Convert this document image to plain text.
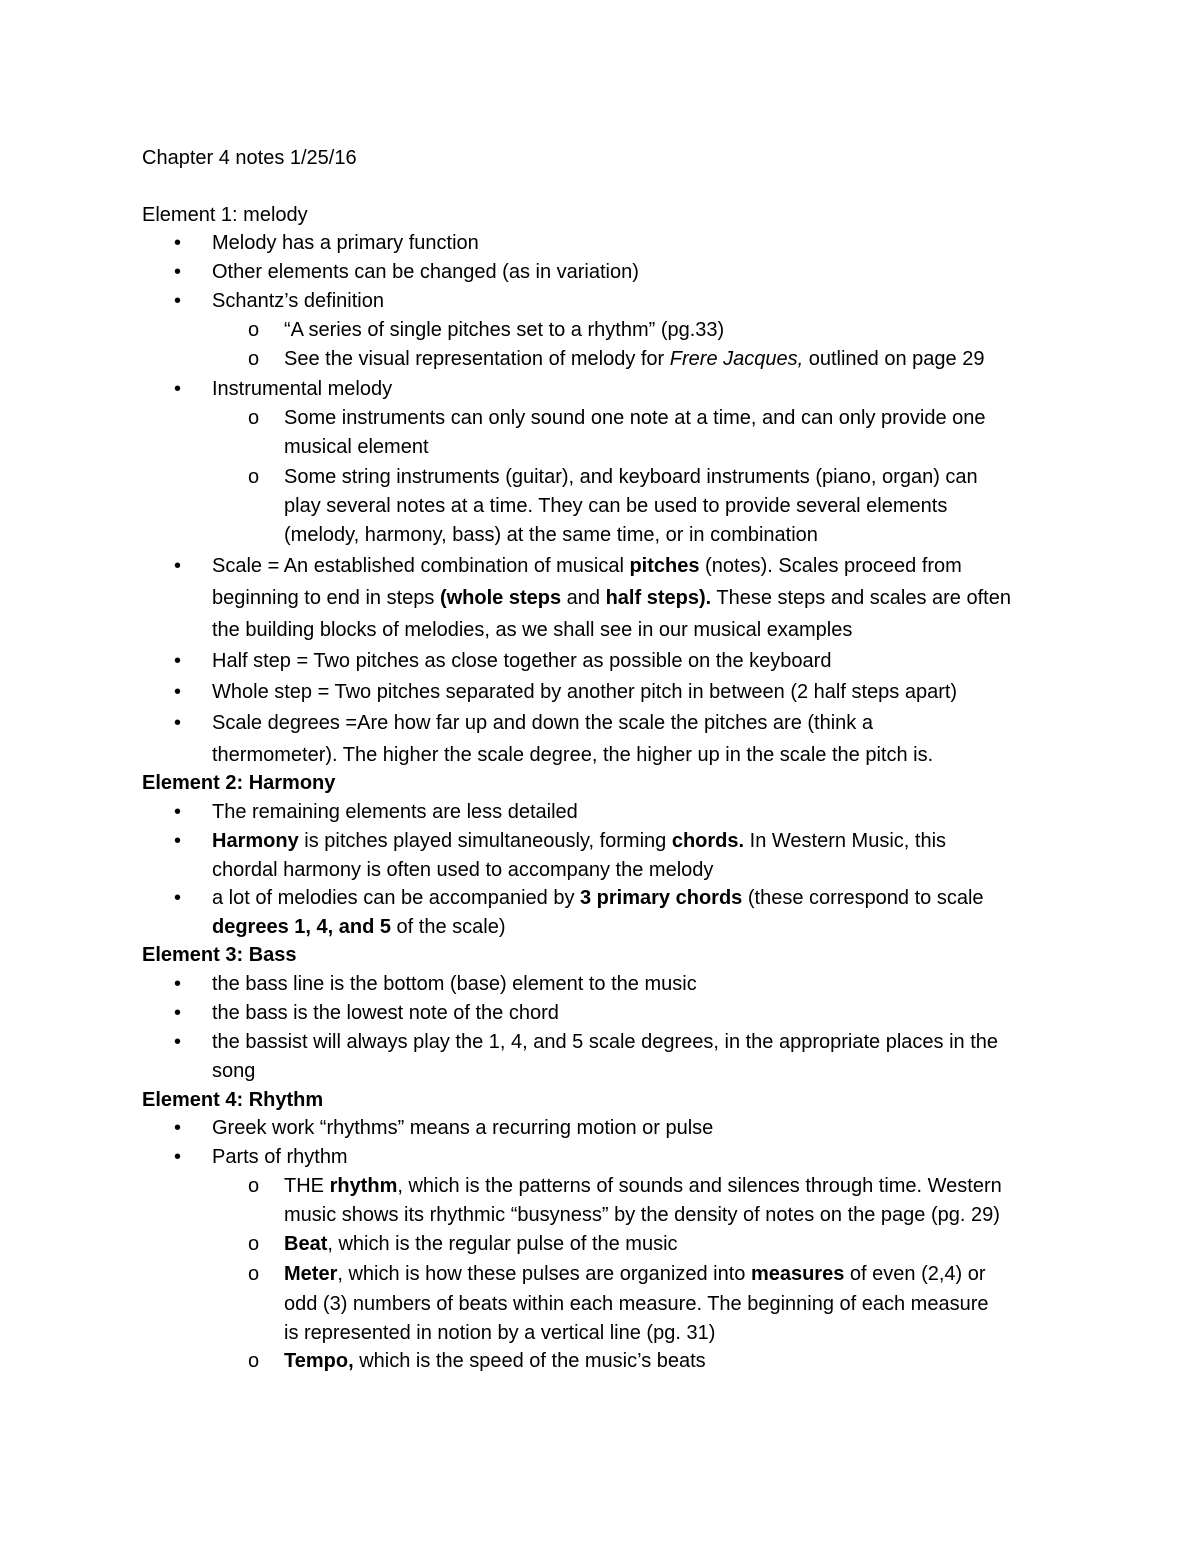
Chapter 4 notes 1/25/16
Element 1: melody
• Melody has a primary function
• Other elements can be changed (as in variation)
• Schantz’s definition
o “A series of single pitches set to a rhythm” (pg.33)
o See the visual representation of melody for Frere Jacques, outlined on page 29
• Instrumental melody
o Some instruments can only sound one note at a time, and can only provide one
musical element
o Some string instruments (guitar), and keyboard instruments (piano, organ) can
play several notes at a time. They can be used to provide several elements
(melody, harmony, bass) at the same time, or in combination
• Scale = An established combination of musical pitches (notes). Scales proceed from
beginning to end in steps (whole steps and half steps). These steps and scales are often
the building blocks of melodies, as we shall see in our musical examples
• Half step = Two pitches as close together as possible on the keyboard
• Whole step = Two pitches separated by another pitch in between (2 half steps apart)
• Scale degrees =Are how far up and down the scale the pitches are (think a
thermometer). The higher the scale degree, the higher up in the scale the pitch is.
Element 2: Harmony
• The remaining elements are less detailed
• Harmony is pitches played simultaneously, forming chords. In Western Music, this
chordal harmony is often used to accompany the melody
• a lot of melodies can be accompanied by 3 primary chords (these correspond to scale
degrees 1, 4, and 5 of the scale)
Element 3: Bass
• the bass line is the bottom (base) element to the music
• the bass is the lowest note of the chord
• the bassist will always play the 1, 4, and 5 scale degrees, in the appropriate places in the
song
Element 4: Rhythm
• Greek work “rhythms” means a recurring motion or pulse
• Parts of rhythm
o THE rhythm, which is the patterns of sounds and silences through time. Western
music shows its rhythmic “busyness” by the density of notes on the page (pg. 29)
o Beat, which is the regular pulse of the music
o Meter, which is how these pulses are organized into measures of even (2,4) or
odd (3) numbers of beats within each measure. The beginning of each measure
is represented in notion by a vertical line (pg. 31)
o Tempo, which is the speed of the music’s beats
